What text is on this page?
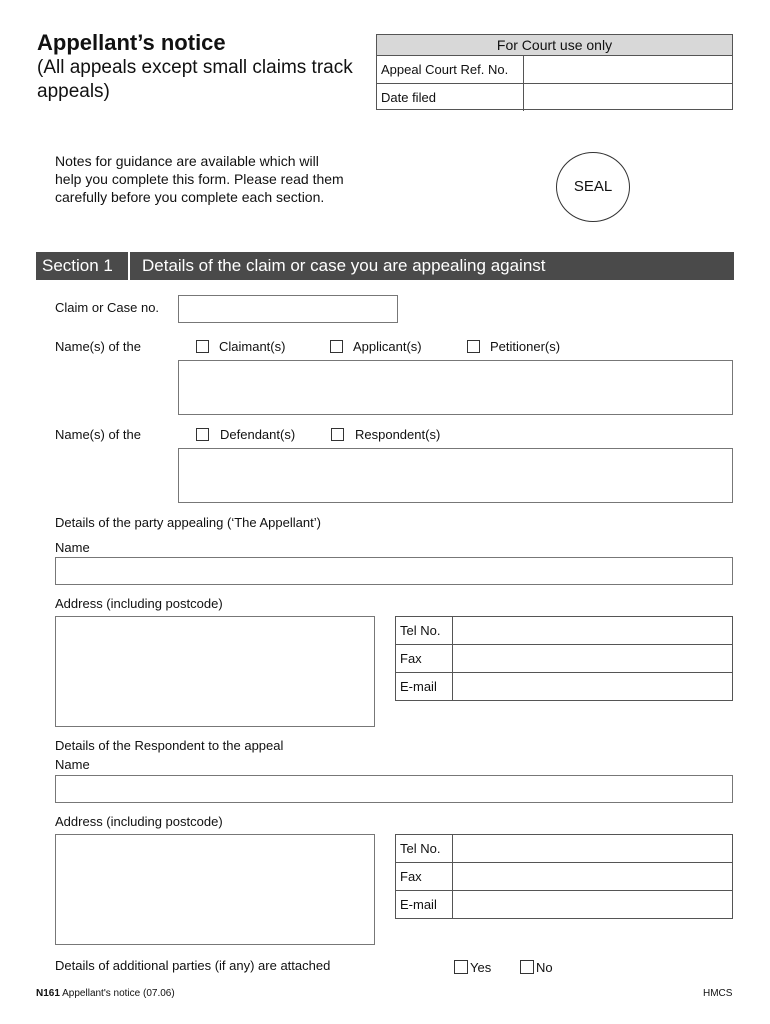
Appellant’s notice
(All appeals except small claims track appeals)
For Court use only
Appeal Court Ref. No.
Date filed
Notes for guidance are available which will help you complete this form. Please read them carefully before you complete each section.
SEAL
Section 1	Details of the claim or case you are appealing against
Claim or Case no.
Name(s) of the	Claimant(s)	Applicant(s)	Petitioner(s)
Name(s) of the	Defendant(s)	Respondent(s)
Details of the party appealing (‘The Appellant’)
Name
Address (including postcode)
Tel No.
Fax
E-mail
Details of the Respondent to the appeal
Name
Address (including postcode)
Tel No.
Fax
E-mail
Details of additional parties (if any) are attached	Yes	No
N161 Appellant's notice (07.06)	HMCS
